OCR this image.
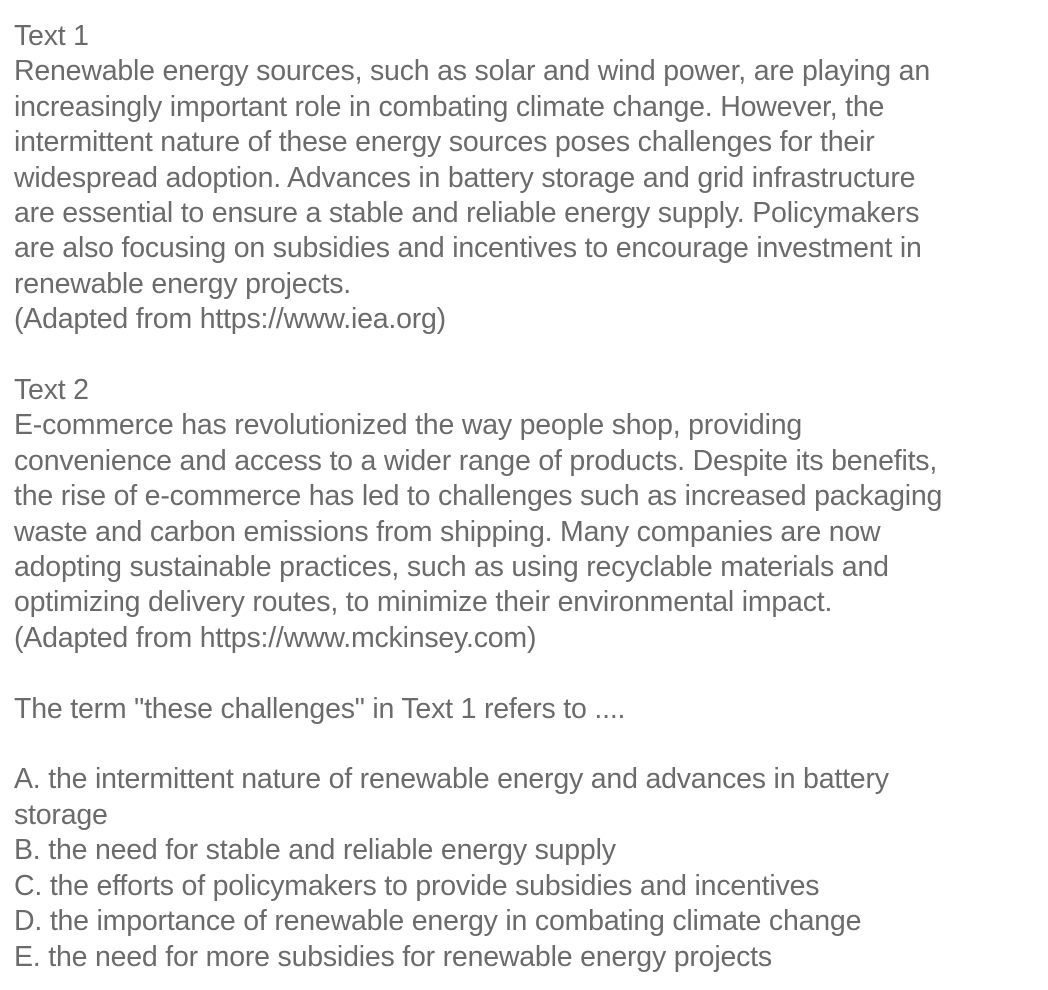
Text 1
Renewable energy sources, such as solar and wind power, are playing an
increasingly important role in combating climate change. However, the
intermittent nature of these energy sources poses challenges for their
widespread adoption. Advances in battery storage and grid infrastructure
are essential to ensure a stable and reliable energy supply. Policymakers
are also focusing on subsidies and incentives to encourage investment in
renewable energy projects.
(Adapted from https://www.iea.org)
Text 2
E-commerce has revolutionized the way people shop, providing
convenience and access to a wider range of products. Despite its benefits,
the rise of e-commerce has led to challenges such as increased packaging
waste and carbon emissions from shipping. Many companies are now
adopting sustainable practices, such as using recyclable materials and
optimizing delivery routes, to minimize their environmental impact.
(Adapted from https://www.mckinsey.com)
The term "these challenges" in Text 1 refers to ....
A. the intermittent nature of renewable energy and advances in battery
storage
B. the need for stable and reliable energy supply
C. the efforts of policymakers to provide subsidies and incentives
D. the importance of renewable energy in combating climate change
E. the need for more subsidies for renewable energy projects
